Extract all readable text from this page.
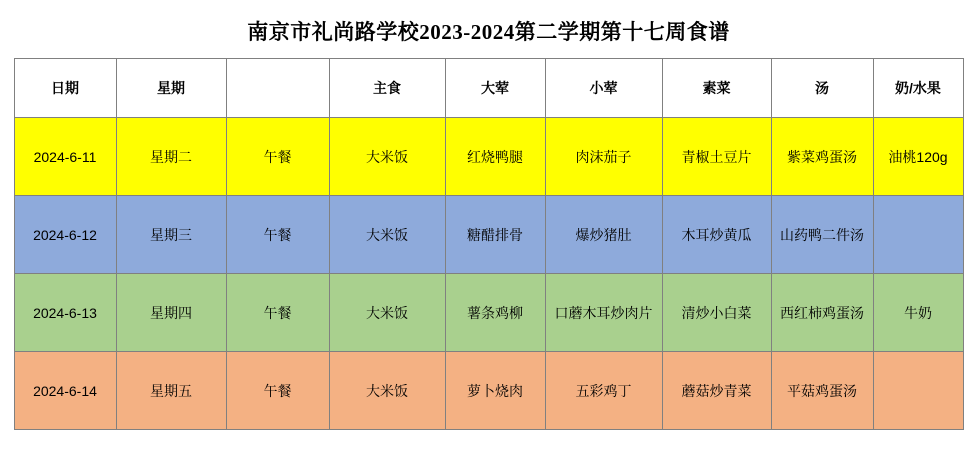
南京市礼尚路学校2023-2024第二学期第十七周食谱
日期	星期		主食	大荤	小荤	素菜	汤	奶/水果
2024-6-11	星期二	午餐	大米饭	红烧鸭腿	肉沫茄子	青椒土豆片	紫菜鸡蛋汤	油桃120g
2024-6-12	星期三	午餐	大米饭	糖醋排骨	爆炒猪肚	木耳炒黄瓜	山药鸭二件汤	
2024-6-13	星期四	午餐	大米饭	薯条鸡柳	口蘑木耳炒肉片	清炒小白菜	西红柿鸡蛋汤	牛奶
2024-6-14	星期五	午餐	大米饭	萝卜烧肉	五彩鸡丁	蘑菇炒青菜	平菇鸡蛋汤	
